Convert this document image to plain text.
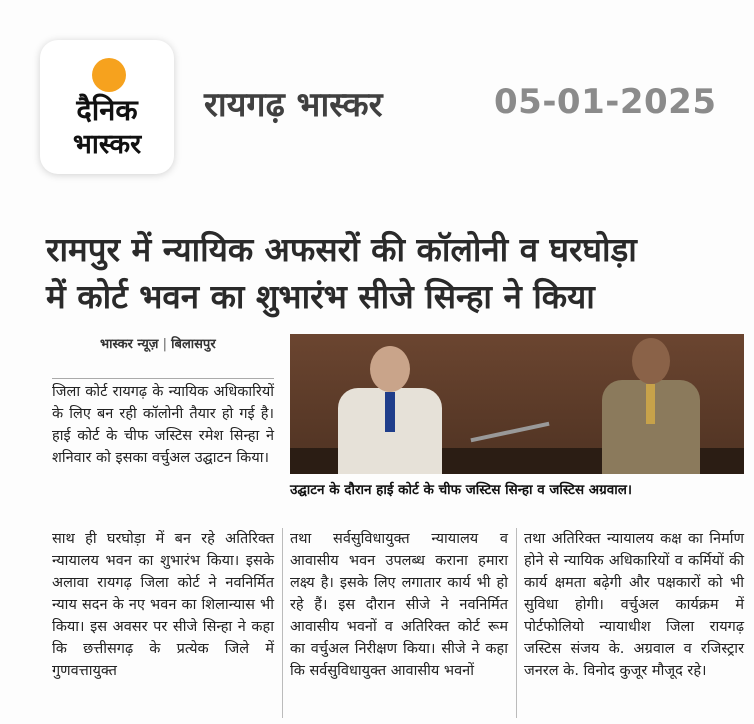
दैनिक
भास्कर
रायगढ़ भास्कर	05-01-2025
रामपुर में न्यायिक अफसरों की कॉलोनी व घरघोड़ा
में कोर्ट भवन का शुभारंभ सीजे सिन्हा ने किया
भास्कर न्यूज़ | बिलासपुर
उद्घाटन के दौरान हाई कोर्ट के चीफ जस्टिस सिन्हा व जस्टिस अग्रवाल।

जिला कोर्ट रायगढ़ के न्यायिक अधिकारियों के लिए बन रही कॉलोनी तैयार हो गई है। हाई कोर्ट के चीफ जस्टिस रमेश सिन्हा ने शनिवार को इसका वर्चुअल उद्घाटन किया।

साथ ही घरघोड़ा में बन रहे अतिरिक्त न्यायालय भवन का शुभारंभ किया। इसके अलावा रायगढ़ जिला कोर्ट ने नवनिर्मित न्याय सदन के नए भवन का शिलान्यास भी किया। इस अवसर पर सीजे सिन्हा ने कहा कि छत्तीसगढ़ के प्रत्येक जिले में गुणवत्तायुक्त

तथा सर्वसुविधायुक्त न्यायालय व आवासीय भवन उपलब्ध कराना हमारा लक्ष्य है। इसके लिए लगातार कार्य भी हो रहे हैं। इस दौरान सीजे ने नवनिर्मित आवासीय भवनों व अतिरिक्त कोर्ट रूम का वर्चुअल निरीक्षण किया। सीजे ने कहा कि सर्वसुविधायुक्त आवासीय भवनों

तथा अतिरिक्त न्यायालय कक्ष का निर्माण होने से न्यायिक अधिकारियों व कर्मियों की कार्य क्षमता बढ़ेगी और पक्षकारों को भी सुविधा होगी। वर्चुअल कार्यक्रम में पोर्टफोलियो न्यायाधीश जिला रायगढ़ जस्टिस संजय के. अग्रवाल व रजिस्ट्रार जनरल के. विनोद कुजूर मौजूद रहे।
